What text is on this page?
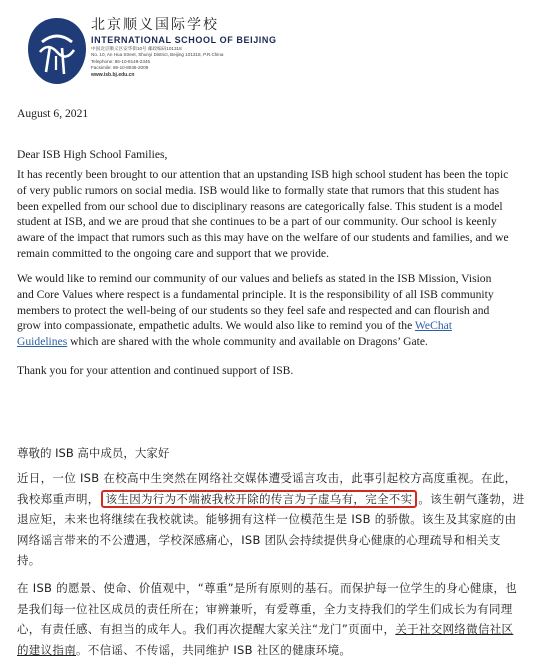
北京顺义国际学校
INTERNATIONAL SCHOOL OF BEIJING
中国北京顺义区安华街10号 邮政编码101318
No. 10, An Hua Street, Shunyi District, Beijing 101318, P.R.China
Telephone: 86-10-8149-2345
Facsimile: 86-10-8046-2009
www.isb.bj.edu.cn
August 6, 2021
Dear ISB High School Families,
It has recently been brought to our attention that an upstanding ISB high school student has been the topic
of very public rumors on social media. ISB would like to formally state that rumors that this student has
been expelled from our school due to disciplinary reasons are categorically false. This student is a model
student at ISB, and we are proud that she continues to be a part of our community. Our school is keenly
aware of the impact that rumors such as this may have on the welfare of our students and families, and we
remain committed to the ongoing care and support that we provide.
We would like to remind our community of our values and beliefs as stated in the ISB Mission, Vision
and Core Values where respect is a fundamental principle. It is the responsibility of all ISB community
members to protect the well-being of our students so they feel safe and respected and can flourish and
grow into compassionate, empathetic adults. We would also like to remind you of the WeChat
Guidelines which are shared with the whole community and available on Dragons’ Gate.
Thank you for your attention and continued support of ISB.
尊敬的 ISB 高中成员，大家好
近日，一位 ISB 在校高中生突然在网络社交媒体遭受谣言攻击，此事引起校方高度重视。在此，
我校郑重声明， 该生因为行为不端被我校开除的传言为子虚乌有，完全不实 。该生朝气蓬勃，进
退应矩，未来也将继续在我校就读。能够拥有这样一位模范生是 ISB 的骄傲。该生及其家庭的由
网络谣言带来的不公遭遇，学校深感痛心，ISB 团队会持续提供身心健康的心理疏导和相关支
持。
在 ISB 的愿景、使命、价值观中，“尊重”是所有原则的基石。而保护每一位学生的身心健康，也
是我们每一位社区成员的责任所在；审辨兼听，有爱尊重，全力支持我们的学生们成长为有同理
心，有责任感、有担当的成年人。我们再次提醒大家关注“龙门”页面中，关于社交网络微信社区
的建议指南。不信谣、不传谣，共同维护 ISB 社区的健康环境。
